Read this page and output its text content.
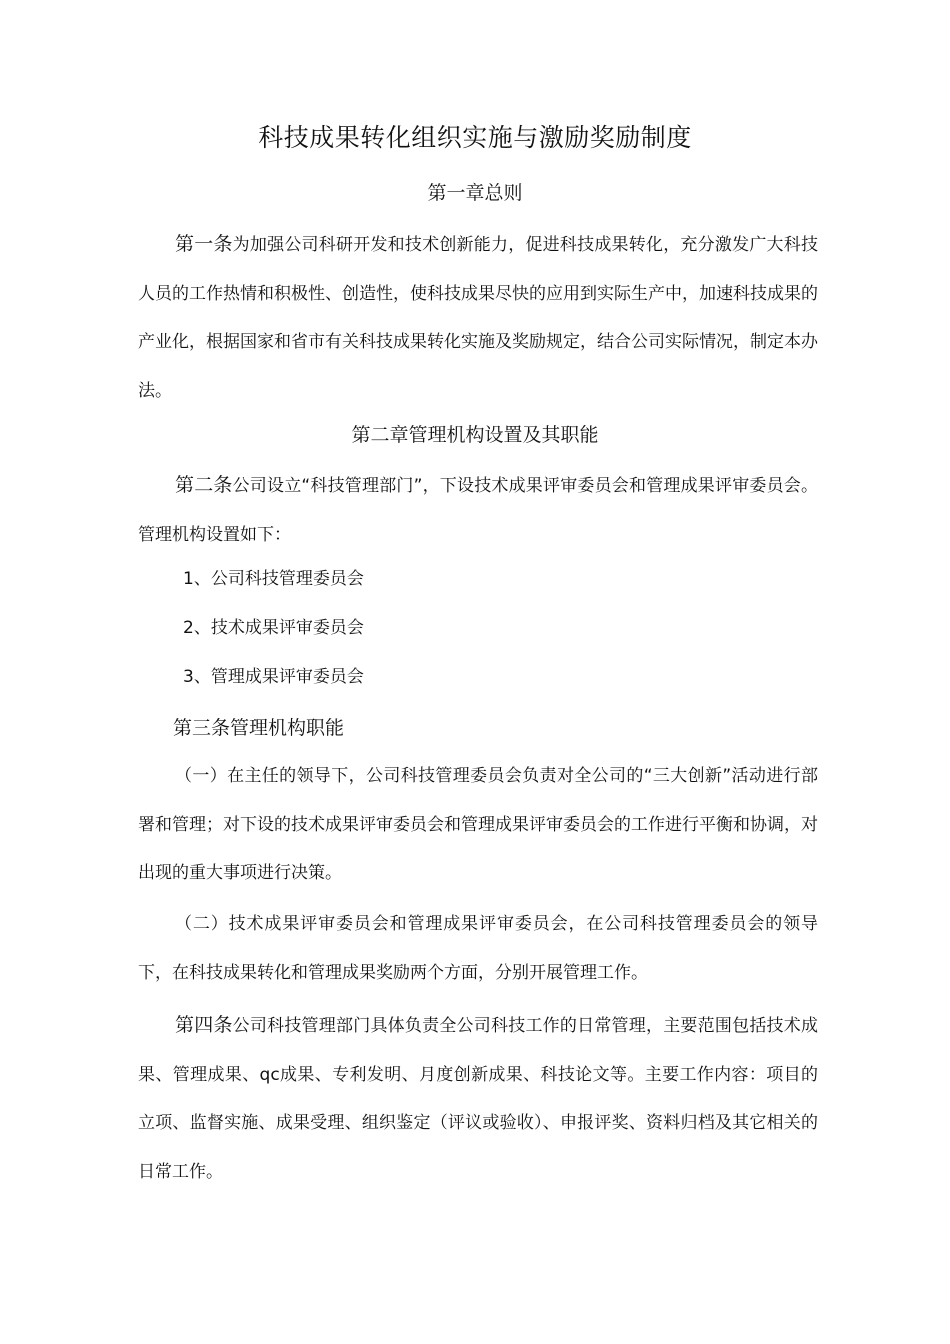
科技成果转化组织实施与激励奖励制度
第一章总则

第一条为加强公司科研开发和技术创新能力，促进科技成果转化，充分激发广大科技人员的工作热情和积极性、创造性，使科技成果尽快的应用到实际生产中，加速科技成果的产业化，根据国家和省市有关科技成果转化实施及奖励规定，结合公司实际情况，制定本办法。

第二章管理机构设置及其职能

第二条公司设立“科技管理部门”，下设技术成果评审委员会和管理成果评审委员会。管理机构设置如下：

1、公司科技管理委员会
2、技术成果评审委员会
3、管理成果评审委员会
第三条管理机构职能

（一）在主任的领导下，公司科技管理委员会负责对全公司的“三大创新”活动进行部署和管理；对下设的技术成果评审委员会和管理成果评审委员会的工作进行平衡和协调，对出现的重大事项进行决策。

（二）技术成果评审委员会和管理成果评审委员会，在公司科技管理委员会的领导下，在科技成果转化和管理成果奖励两个方面，分别开展管理工作。

第四条公司科技管理部门具体负责全公司科技工作的日常管理，主要范围包括技术成果、管理成果、qc成果、专利发明、月度创新成果、科技论文等。主要工作内容：项目的立项、监督实施、成果受理、组织鉴定（评议或验收）、申报评奖、资料归档及其它相关的日常工作。
